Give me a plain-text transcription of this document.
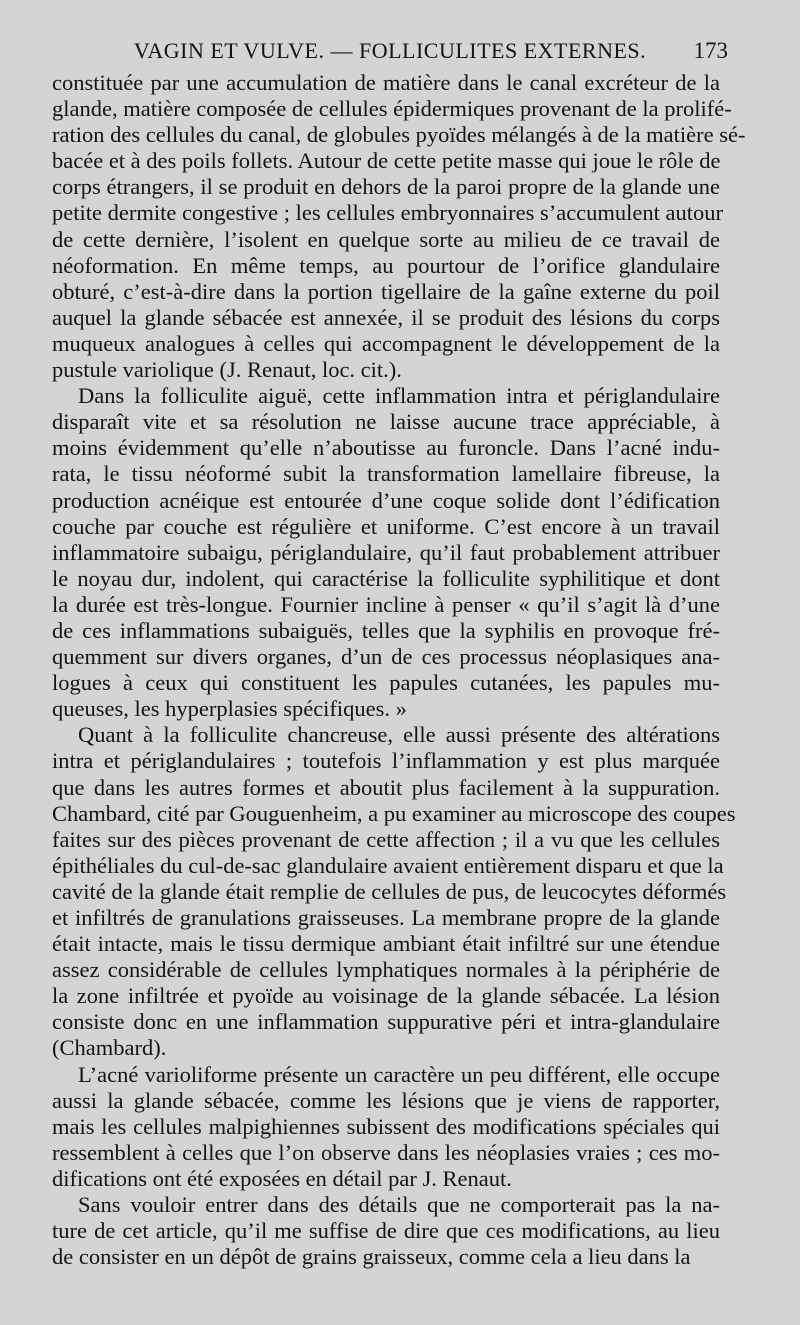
VAGIN ET VULVE. — FOLLICULITES EXTERNES.	173
constituée par une accumulation de matière dans le canal excréteur de la
glande, matière composée de cellules épidermiques provenant de la prolifé-
ration des cellules du canal, de globules pyoïdes mélangés à de la matière sé-
bacée et à des poils follets. Autour de cette petite masse qui joue le rôle de
corps étrangers, il se produit en dehors de la paroi propre de la glande une
petite dermite congestive ; les cellules embryonnaires s’accumulent autour
de cette dernière, l’isolent en quelque sorte au milieu de ce travail de
néoformation. En même temps, au pourtour de l’orifice glandulaire
obturé, c’est-à-dire dans la portion tigellaire de la gaîne externe du poil
auquel la glande sébacée est annexée, il se produit des lésions du corps
muqueux analogues à celles qui accompagnent le développement de la
pustule variolique (J. Renaut, loc. cit.).
Dans la folliculite aiguë, cette inflammation intra et périglandulaire
disparaît vite et sa résolution ne laisse aucune trace appréciable, à
moins évidemment qu’elle n’aboutisse au furoncle. Dans l’acné indu-
rata, le tissu néoformé subit la transformation lamellaire fibreuse, la
production acnéique est entourée d’une coque solide dont l’édification
couche par couche est régulière et uniforme. C’est encore à un travail
inflammatoire subaigu, périglandulaire, qu’il faut probablement attribuer
le noyau dur, indolent, qui caractérise la folliculite syphilitique et dont
la durée est très-longue. Fournier incline à penser « qu’il s’agit là d’une
de ces inflammations subaiguës, telles que la syphilis en provoque fré-
quemment sur divers organes, d’un de ces processus néoplasiques ana-
logues à ceux qui constituent les papules cutanées, les papules mu-
queuses, les hyperplasies spécifiques. »
Quant à la folliculite chancreuse, elle aussi présente des altérations
intra et périglandulaires ; toutefois l’inflammation y est plus marquée
que dans les autres formes et aboutit plus facilement à la suppuration.
Chambard, cité par Gouguenheim, a pu examiner au microscope des coupes
faites sur des pièces provenant de cette affection ; il a vu que les cellules
épithéliales du cul-de-sac glandulaire avaient entièrement disparu et que la
cavité de la glande était remplie de cellules de pus, de leucocytes déformés
et infiltrés de granulations graisseuses. La membrane propre de la glande
était intacte, mais le tissu dermique ambiant était infiltré sur une étendue
assez considérable de cellules lymphatiques normales à la périphérie de
la zone infiltrée et pyoïde au voisinage de la glande sébacée. La lésion
consiste donc en une inflammation suppurative péri et intra-glandulaire
(Chambard).
L’acné varioliforme présente un caractère un peu différent, elle occupe
aussi la glande sébacée, comme les lésions que je viens de rapporter,
mais les cellules malpighiennes subissent des modifications spéciales qui
ressemblent à celles que l’on observe dans les néoplasies vraies ; ces mo-
difications ont été exposées en détail par J. Renaut.
Sans vouloir entrer dans des détails que ne comporterait pas la na-
ture de cet article, qu’il me suffise de dire que ces modifications, au lieu
de consister en un dépôt de grains graisseux, comme cela a lieu dans la
